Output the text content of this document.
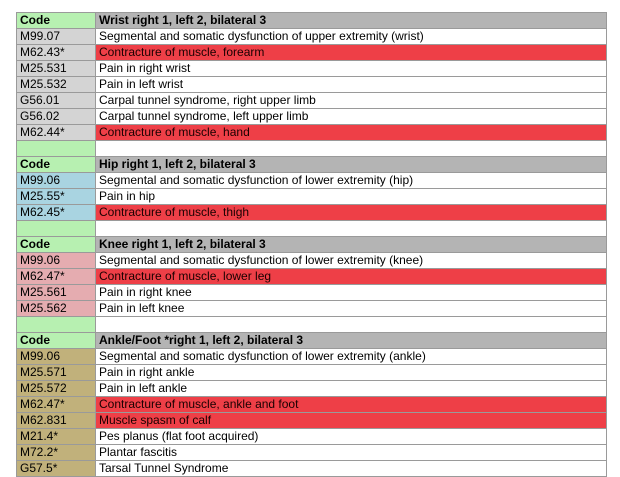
Code	Wrist right 1, left 2, bilateral 3
M99.07	Segmental and somatic dysfunction of upper extremity (wrist)
M62.43*	Contracture of muscle, forearm
M25.531	Pain in right wrist
M25.532	Pain in left wrist
G56.01	Carpal tunnel syndrome, right upper limb
G56.02	Carpal tunnel syndrome, left upper limb
M62.44*	Contracture of muscle, hand

Code	Hip right 1, left 2, bilateral 3
M99.06	Segmental and somatic dysfunction of lower extremity (hip)
M25.55*	Pain in hip
M62.45*	Contracture of muscle, thigh

Code	Knee right 1, left 2, bilateral 3
M99.06	Segmental and somatic dysfunction of lower extremity (knee)
M62.47*	Contracture of muscle, lower leg
M25.561	Pain in right knee
M25.562	Pain in left knee

Code	Ankle/Foot *right 1, left 2, bilateral 3
M99.06	Segmental and somatic dysfunction of lower extremity (ankle)
M25.571	Pain in right ankle
M25.572	Pain in left ankle
M62.47*	Contracture of muscle, ankle and foot
M62.831	Muscle spasm of calf
M21.4*	Pes planus (flat foot acquired)
M72.2*	Plantar fascitis
G57.5*	Tarsal Tunnel Syndrome
